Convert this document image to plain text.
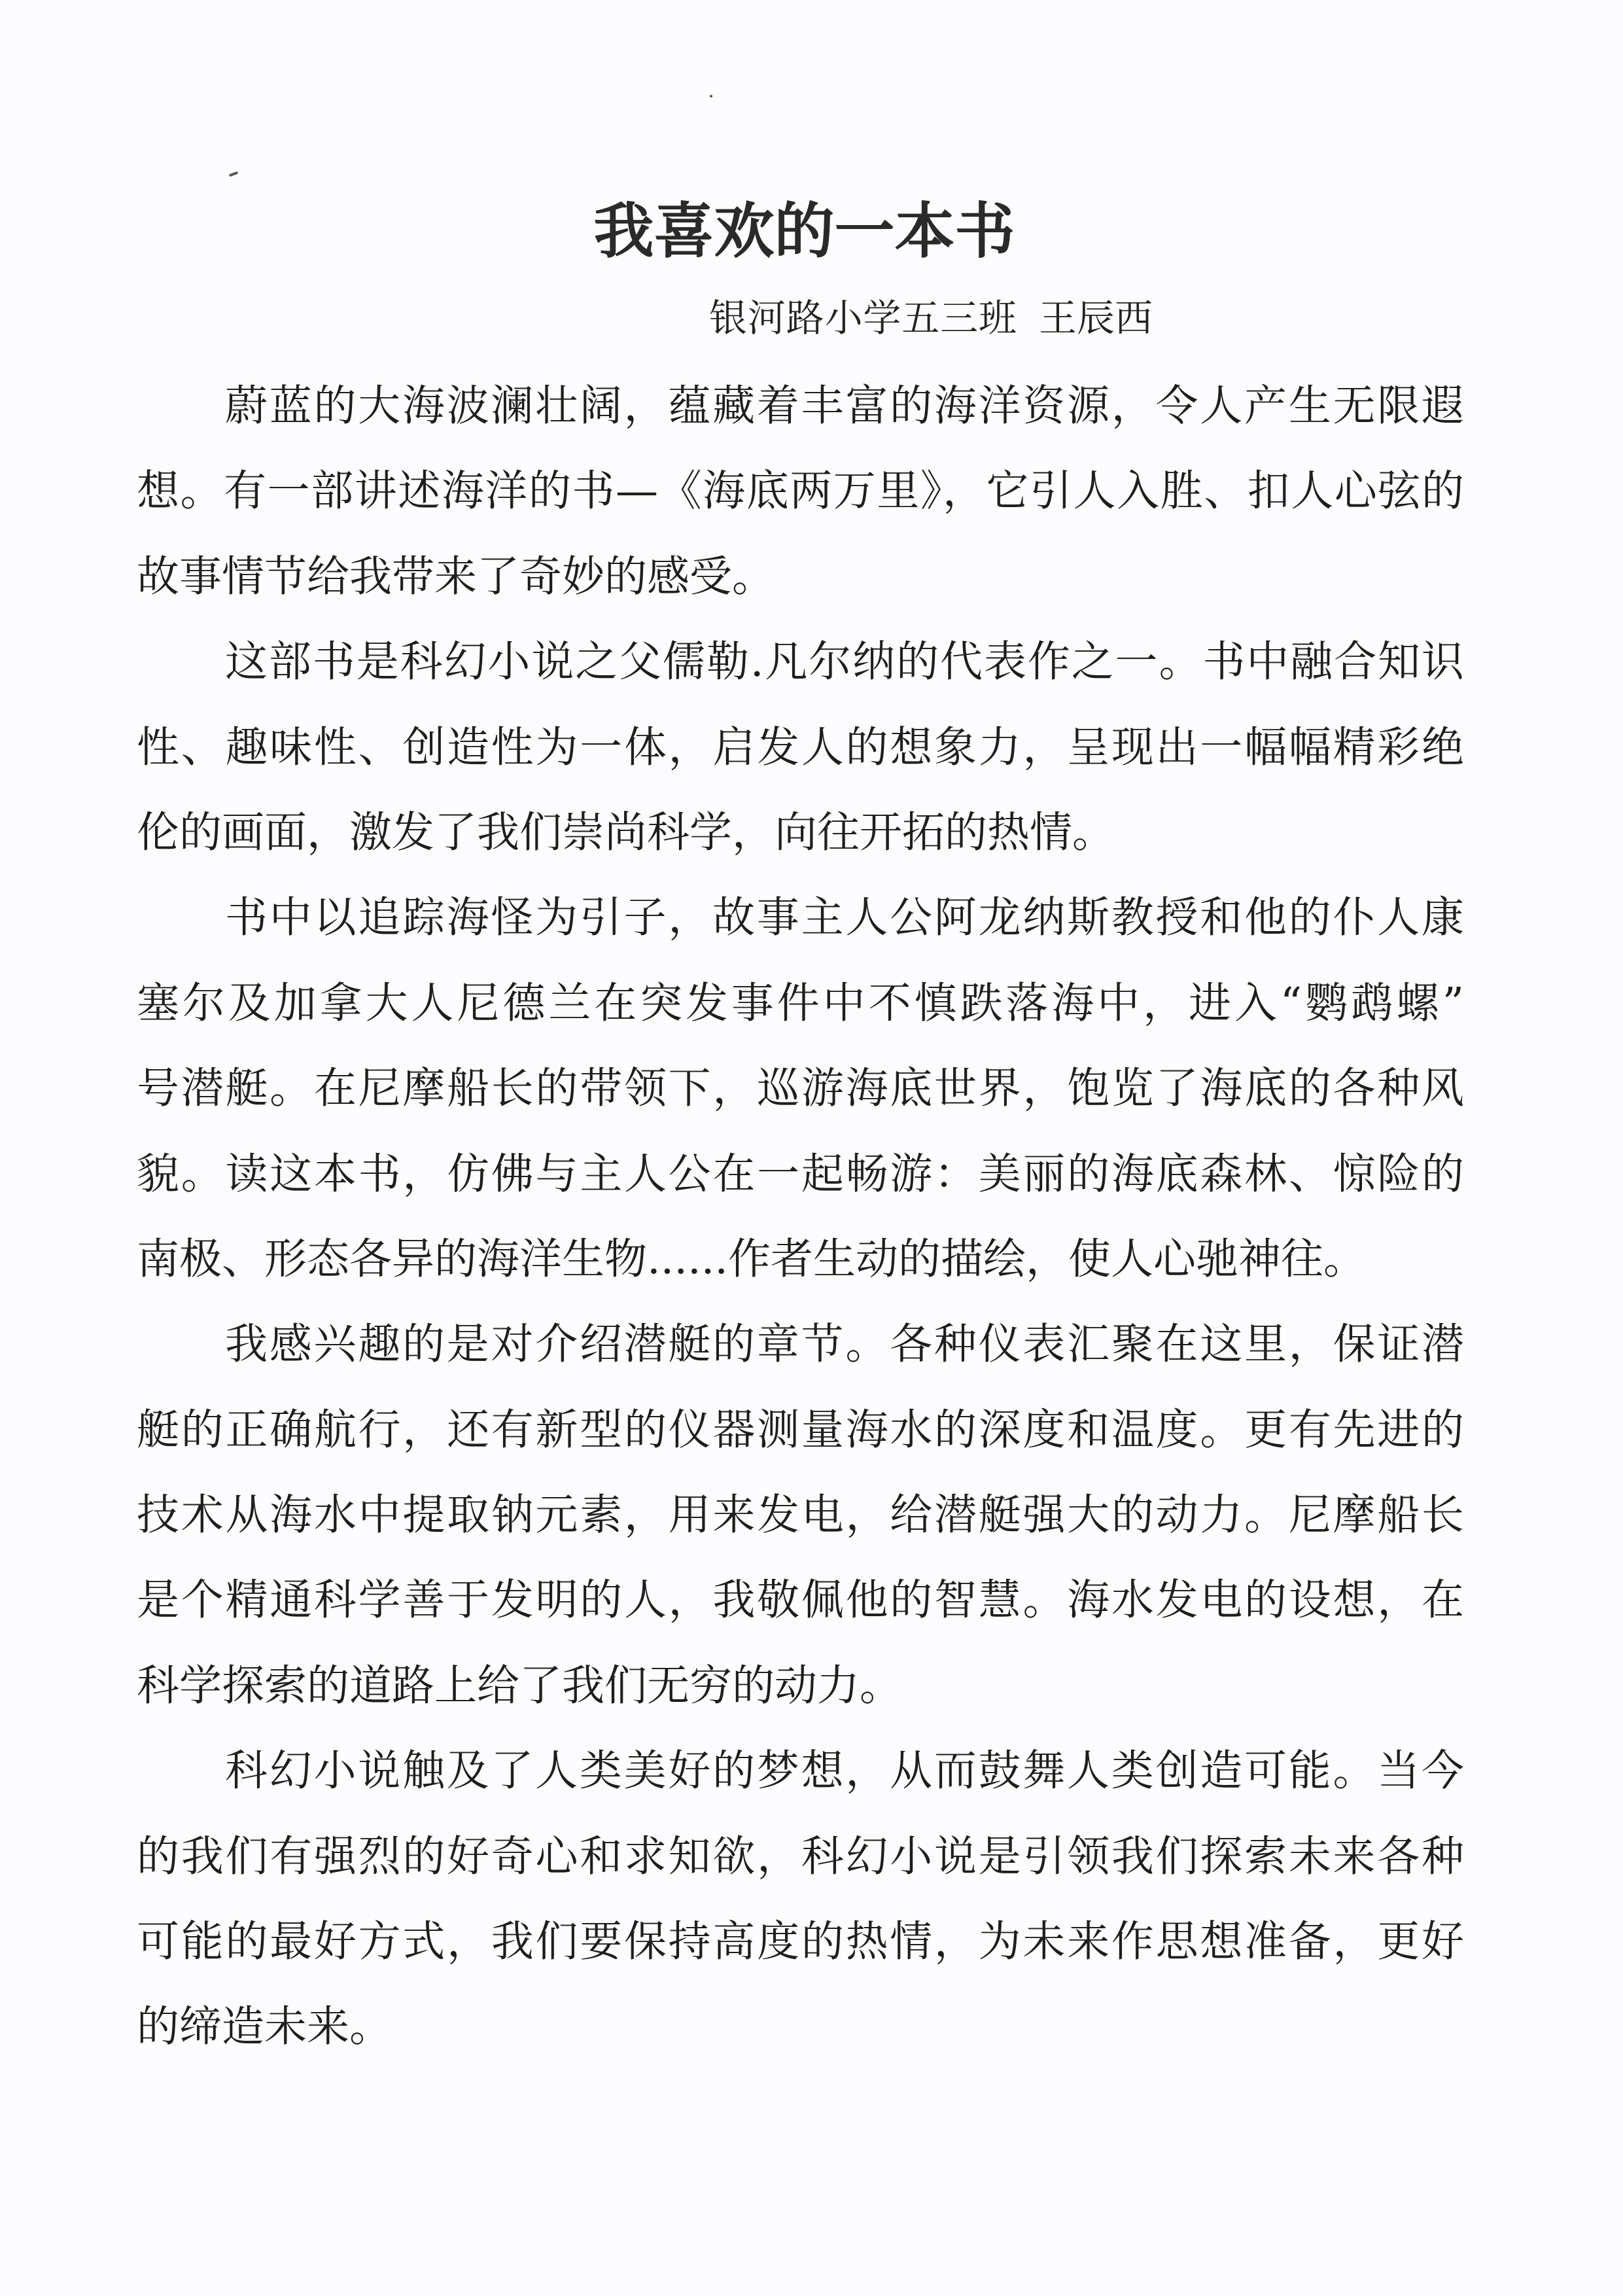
我喜欢的一本书
银河路小学五三班 王辰西
蔚蓝的大海波澜壮阔，蕴藏着丰富的海洋资源，令人产生无限遐
想。有一部讲述海洋的书—《海底两万里》，它引人入胜、扣人心弦的
故事情节给我带来了奇妙的感受。
这部书是科幻小说之父儒勒.凡尔纳的代表作之一。书中融合知识
性、趣味性、创造性为一体，启发人的想象力，呈现出一幅幅精彩绝
伦的画面，激发了我们崇尚科学，向往开拓的热情。
书中以追踪海怪为引子，故事主人公阿龙纳斯教授和他的仆人康
塞尔及加拿大人尼德兰在突发事件中不慎跌落海中，进入“鹦鹉螺”
号潜艇。在尼摩船长的带领下，巡游海底世界，饱览了海底的各种风
貌。读这本书，仿佛与主人公在一起畅游：美丽的海底森林、惊险的
南极、形态各异的海洋生物......作者生动的描绘，使人心驰神往。
我感兴趣的是对介绍潜艇的章节。各种仪表汇聚在这里，保证潜
艇的正确航行，还有新型的仪器测量海水的深度和温度。更有先进的
技术从海水中提取钠元素，用来发电，给潜艇强大的动力。尼摩船长
是个精通科学善于发明的人，我敬佩他的智慧。海水发电的设想，在
科学探索的道路上给了我们无穷的动力。
科幻小说触及了人类美好的梦想，从而鼓舞人类创造可能。当今
的我们有强烈的好奇心和求知欲，科幻小说是引领我们探索未来各种
可能的最好方式，我们要保持高度的热情，为未来作思想准备，更好
的缔造未来。
